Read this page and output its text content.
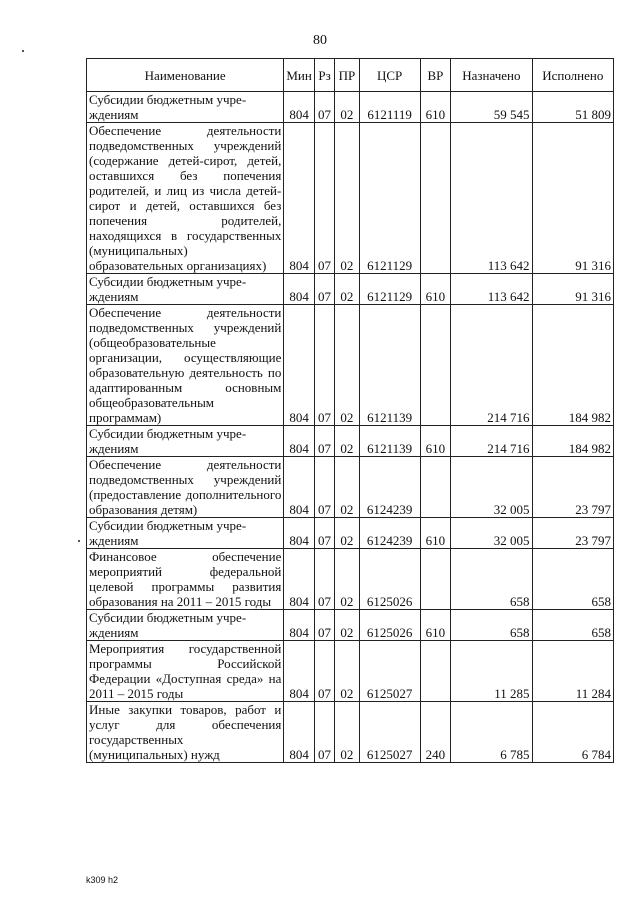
80
Наименование	Мин	Рз	ПР	ЦСР	ВР	Назначено	Исполнено
Субсидии бюджетным учре-
ждениям	804	07	02	6121119	610	59 545	51 809
Обеспечение деятельности подведомственных учреждений (содержание детей-сирот, детей, оставшихся без попечения родителей, и лиц из числа детей-сирот и детей, оставшихся без попечения родителей, находящихся в государственных (муниципальных) образовательных организациях)	804	07	02	6121129		113 642	91 316
Субсидии бюджетным учре-
ждениям	804	07	02	6121129	610	113 642	91 316
Обеспечение деятельности подведомственных учреждений (общеобразовательные организации, осуществляющие образовательную деятельность по адаптированным основным общеобразовательным программам)	804	07	02	6121139		214 716	184 982
Субсидии бюджетным учре-
ждениям	804	07	02	6121139	610	214 716	184 982
Обеспечение деятельности подведомственных учреждений (предоставление дополнительного образования детям)	804	07	02	6124239		32 005	23 797
Субсидии бюджетным учре-
ждениям	804	07	02	6124239	610	32 005	23 797
Финансовое обеспечение мероприятий федеральной целевой программы развития образования на 2011 – 2015 годы	804	07	02	6125026		658	658
Субсидии бюджетным учре-
ждениям	804	07	02	6125026	610	658	658
Мероприятия государственной программы Российской Федерации «Доступная среда» на 2011 – 2015 годы	804	07	02	6125027		11 285	11 284
Иные закупки товаров, работ и услуг для обеспечения государственных (муниципальных) нужд	804	07	02	6125027	240	6 785	6 784
k309 h2
